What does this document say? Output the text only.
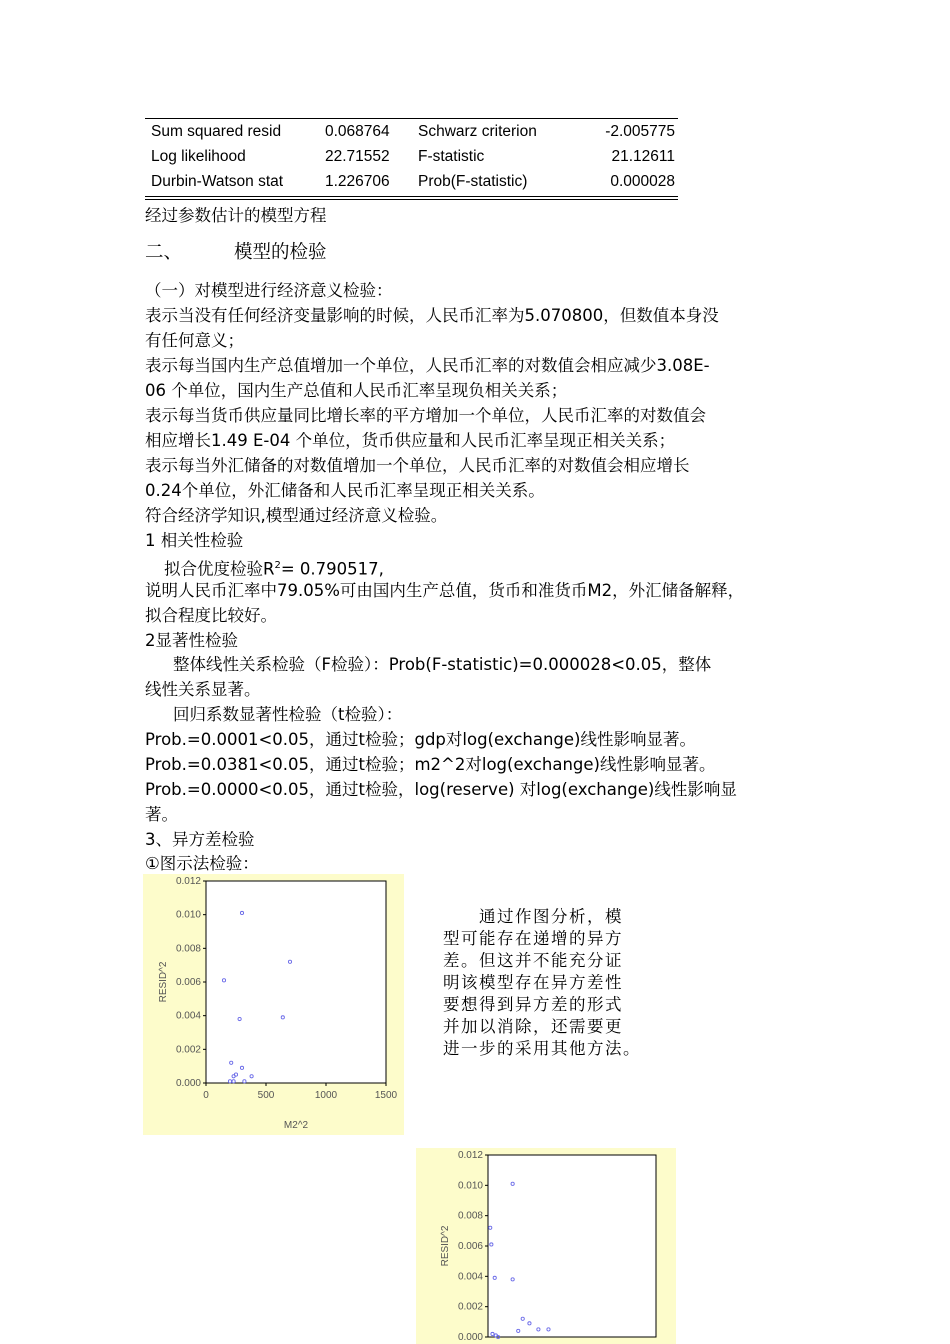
Sum squared resid	0.068764 Schwarz criterion	-2.005775
Log likelihood	22.71552 F-statistic	21.12611
Durbin-Watson stat	1.226706 Prob(F-statistic)	0.000028
经过参数估计的模型方程
二、	模型的检验
（一）对模型进行经济意义检验：
表示当没有任何经济变量影响的时候，人民币汇率为5.070800，但数值本身没
有任何意义；
表示每当国内生产总值增加一个单位，人民币汇率的对数值会相应减少3.08E-
06 个单位，国内生产总值和人民币汇率呈现负相关关系；
表示每当货币供应量同比增长率的平方增加一个单位，人民币汇率的对数值会
相应增长1.49 E-04 个单位，货币供应量和人民币汇率呈现正相关关系；
表示每当外汇储备的对数值增加一个单位，人民币汇率的对数值会相应增长
0.24个单位，外汇储备和人民币汇率呈现正相关关系。
符合经济学知识,模型通过经济意义检验。
1 相关性检验
拟合优度检验$R^2= 0.790517$,
说明人民币汇率中79.05%可由国内生产总值，货币和准货币M2，外汇储备解释，
拟合程度比较好。
2显著性检验
整体线性关系检验（F检验）：Prob(F-statistic)=0.000028<0.05，整体
线性关系显著。
回归系数显著性检验（t检验）：
Prob.=0.0001<0.05，通过t检验；gdp对log(exchange)线性影响显著。
Prob.=0.0381<0.05，通过t检验；m2^2对log(exchange)线性影响显著。
Prob.=0.0000<0.05，通过t检验，log(reserve) 对log(exchange)线性影响显
著。
3、异方差检验
①图示法检验：
0.000
0.002
0.004
0.006
0.008
0.010
0.012
0	500	1000	1500
RESID^2
M2^2
　　通过作图分析，模
型可能存在递增的异方
差。但这并不能充分证
明该模型存在异方差性
要想得到异方差的形式
并加以消除，还需要更
进一步的采用其他方法。
0.000
0.002
0.004
0.006
0.008
0.010
0.012
RESID^2
